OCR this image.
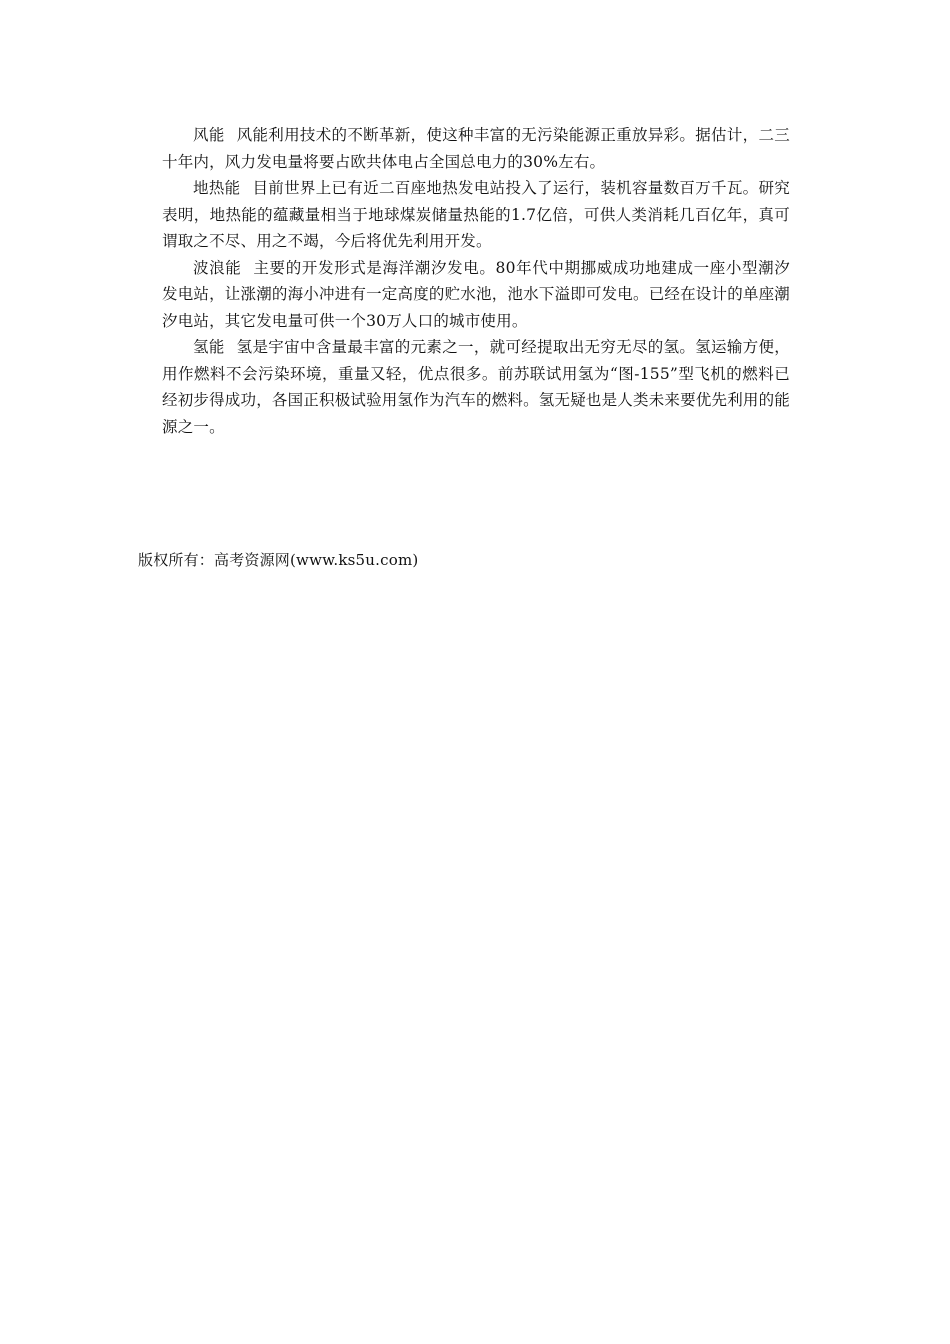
风能 风能利用技术的不断革新，使这种丰富的无污染能源正重放异彩。据估计，二三十年内，风力发电量将要占欧共体电占全国总电力的30%左右。

地热能 目前世界上已有近二百座地热发电站投入了运行，装机容量数百万千瓦。研究表明，地热能的蕴藏量相当于地球煤炭储量热能的1.7亿倍，可供人类消耗几百亿年，真可谓取之不尽、用之不竭，今后将优先利用开发。

波浪能 主要的开发形式是海洋潮汐发电。80年代中期挪威成功地建成一座小型潮汐发电站，让涨潮的海小冲进有一定高度的贮水池，池水下溢即可发电。已经在设计的单座潮汐电站，其它发电量可供一个30万人口的城市使用。

氢能 氢是宇宙中含量最丰富的元素之一，就可经提取出无穷无尽的氢。氢运输方便，用作燃料不会污染环境，重量又轻，优点很多。前苏联试用氢为“图-155”型飞机的燃料已经初步得成功，各国正积极试验用氢作为汽车的燃料。氢无疑也是人类未来要优先利用的能源之一。

版权所有：高考资源网(www.ks5u.com)
